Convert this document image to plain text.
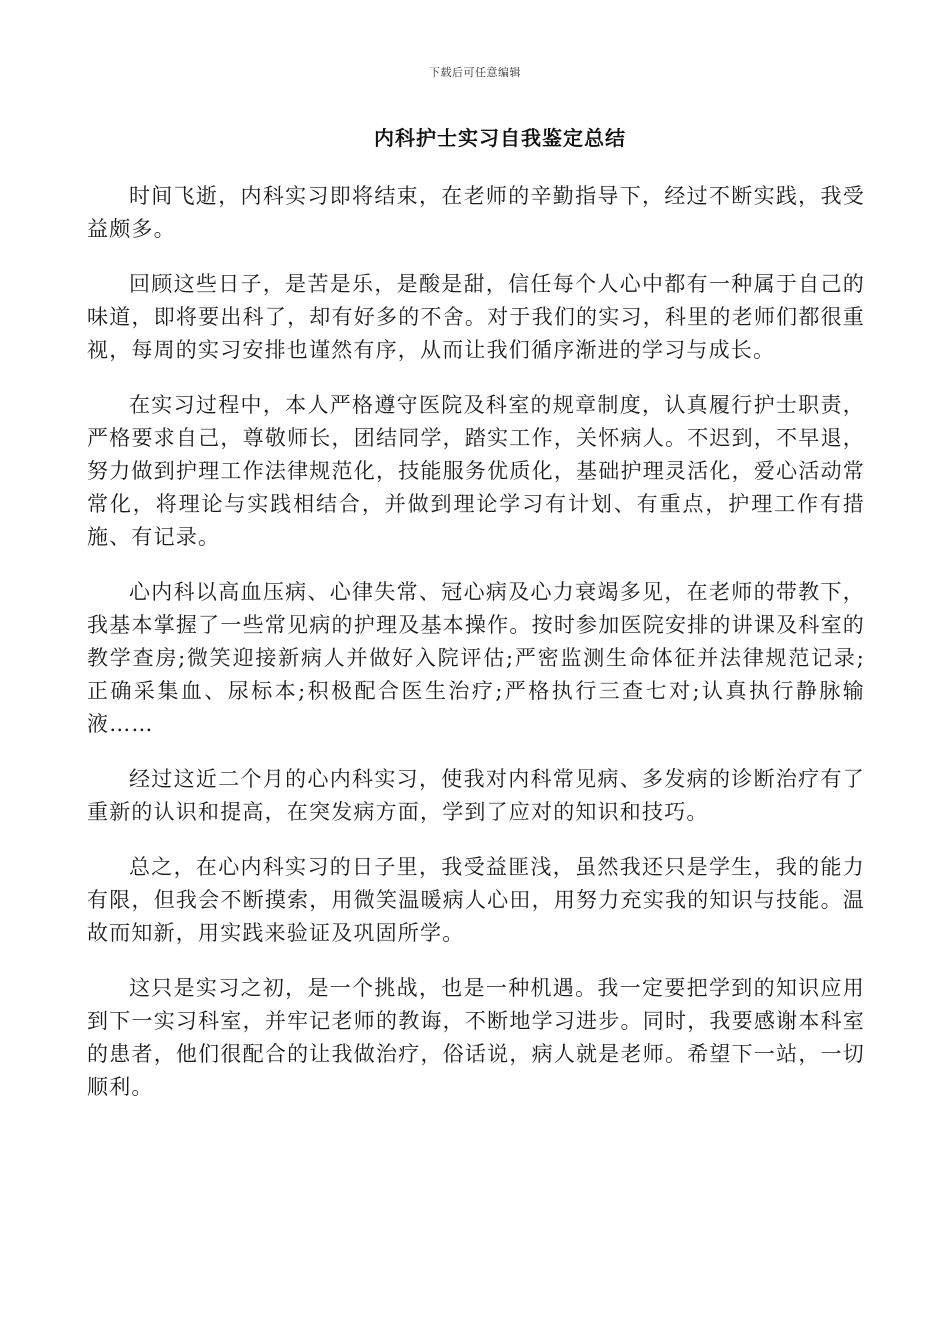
下载后可任意编辑
内科护士实习自我鉴定总结

时间飞逝，内科实习即将结束，在老师的辛勤指导下，经过不断实践，我受益颇多。

回顾这些日子，是苦是乐，是酸是甜，信任每个人心中都有一种属于自己的味道，即将要出科了，却有好多的不舍。对于我们的实习，科里的老师们都很重视，每周的实习安排也谨然有序，从而让我们循序渐进的学习与成长。

在实习过程中，本人严格遵守医院及科室的规章制度，认真履行护士职责，严格要求自己，尊敬师长，团结同学，踏实工作，关怀病人。不迟到，不早退，努力做到护理工作法律规范化，技能服务优质化，基础护理灵活化，爱心活动常常化，将理论与实践相结合，并做到理论学习有计划、有重点，护理工作有措施、有记录。

心内科以高血压病、心律失常、冠心病及心力衰竭多见，在老师的带教下，我基本掌握了一些常见病的护理及基本操作。按时参加医院安排的讲课及科室的教学查房;微笑迎接新病人并做好入院评估;严密监测生命体征并法律规范记录;正确采集血、尿标本;积极配合医生治疗;严格执行三查七对;认真执行静脉输液……

经过这近二个月的心内科实习，使我对内科常见病、多发病的诊断治疗有了重新的认识和提高，在突发病方面，学到了应对的知识和技巧。

总之，在心内科实习的日子里，我受益匪浅，虽然我还只是学生，我的能力有限，但我会不断摸索，用微笑温暖病人心田，用努力充实我的知识与技能。温故而知新，用实践来验证及巩固所学。

这只是实习之初，是一个挑战，也是一种机遇。我一定要把学到的知识应用到下一实习科室，并牢记老师的教诲，不断地学习进步。同时，我要感谢本科室的患者，他们很配合的让我做治疗，俗话说，病人就是老师。希望下一站，一切顺利。
